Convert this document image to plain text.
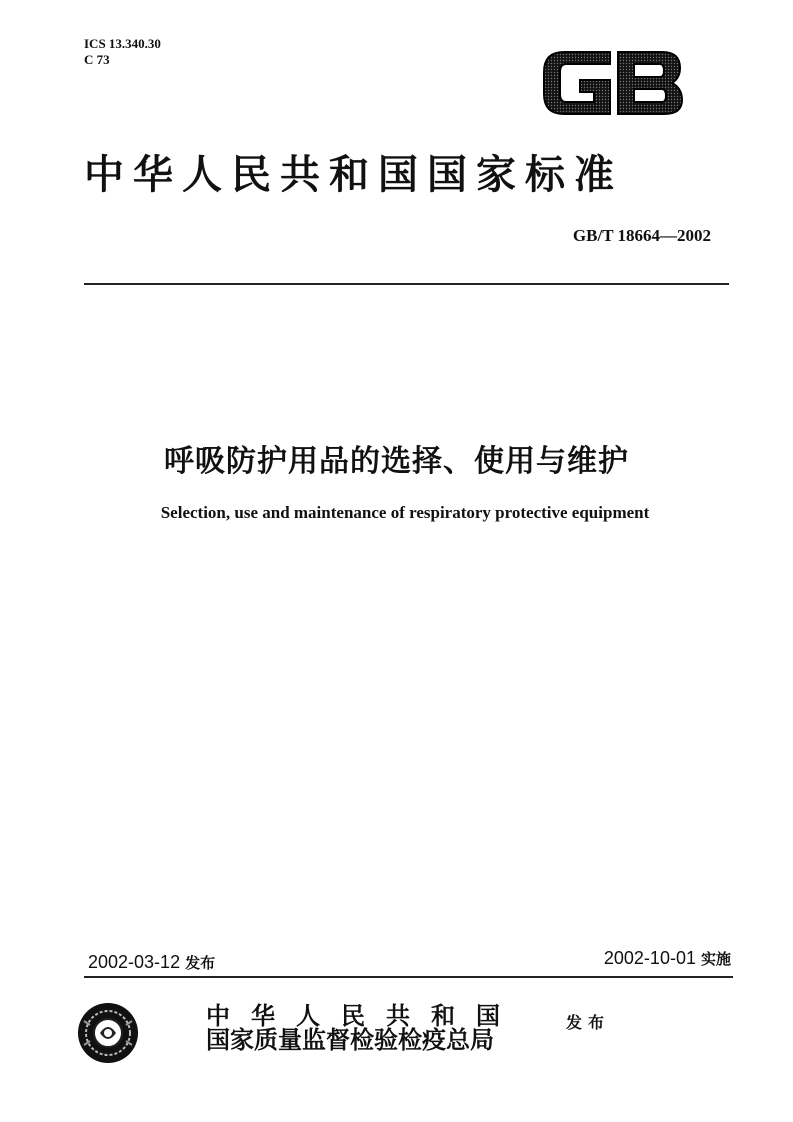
ICS 13.340.30
C 73
中华人民共和国国家标准
GB/T 18664—2002
呼吸防护用品的选择、使用与维护
Selection, use and maintenance of respiratory protective equipment
2002-03-12 发布	2002-10-01 实施
中华人民共和国
国家质量监督检验检疫总局
发布
